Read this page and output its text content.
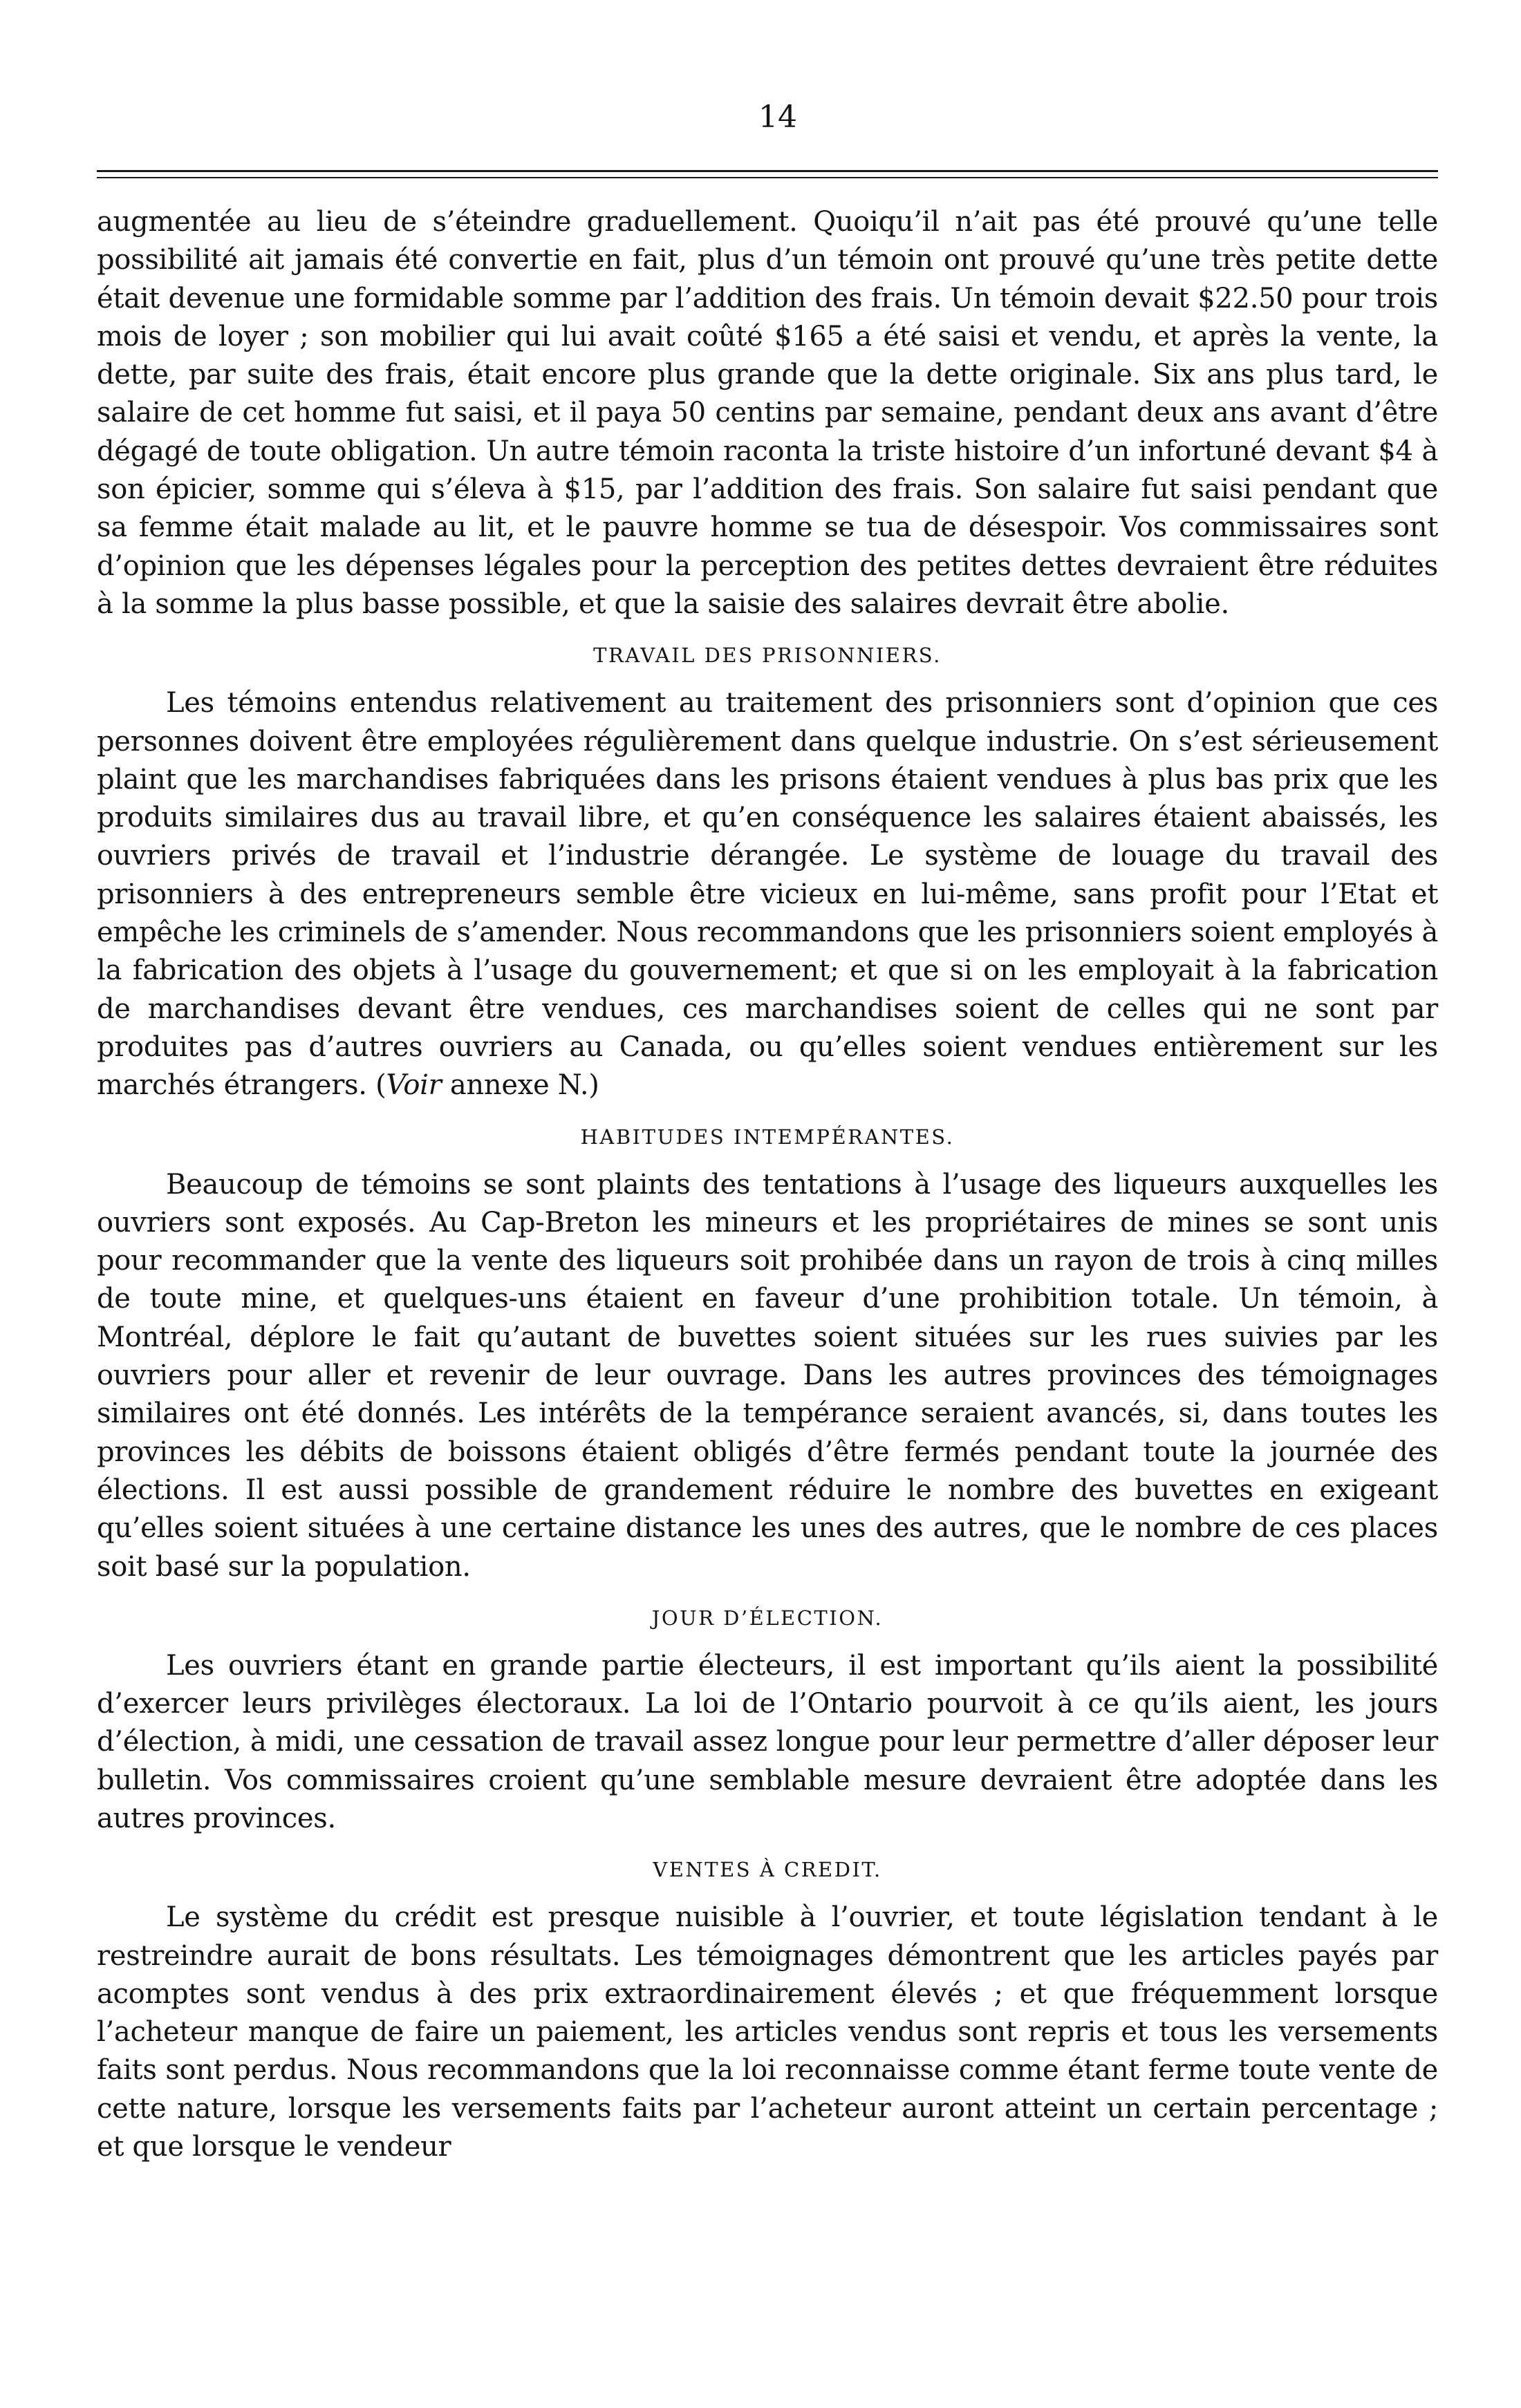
14

augmentée au lieu de s’éteindre graduellement. Quoiqu’il n’ait pas été prouvé qu’une telle possibilité ait jamais été convertie en fait, plus d’un témoin ont prouvé qu’une très petite dette était devenue une formidable somme par l’addition des frais. Un témoin devait $22.50 pour trois mois de loyer ; son mobilier qui lui avait coûté $165 a été saisi et vendu, et après la vente, la dette, par suite des frais, était encore plus grande que la dette originale. Six ans plus tard, le salaire de cet homme fut saisi, et il paya 50 centins par semaine, pendant deux ans avant d’être dégagé de toute obligation. Un autre témoin raconta la triste histoire d’un infortuné devant $4 à son épicier, somme qui s’éleva à $15, par l’addition des frais. Son salaire fut saisi pendant que sa femme était malade au lit, et le pauvre homme se tua de désespoir. Vos commissaires sont d’opinion que les dépenses légales pour la perception des petites dettes devraient être réduites à la somme la plus basse possible, et que la saisie des salaires devrait être abolie.

TRAVAIL DES PRISONNIERS.

Les témoins entendus relativement au traitement des prisonniers sont d’opinion que ces personnes doivent être employées régulièrement dans quelque industrie. On s’est sérieusement plaint que les marchandises fabriquées dans les prisons étaient vendues à plus bas prix que les produits similaires dus au travail libre, et qu’en conséquence les salaires étaient abaissés, les ouvriers privés de travail et l’industrie dérangée. Le système de louage du travail des prisonniers à des entrepreneurs semble être vicieux en lui-même, sans profit pour l’Etat et empêche les criminels de s’amender. Nous recommandons que les prisonniers soient employés à la fabrication des objets à l’usage du gouvernement; et que si on les employait à la fabrication de marchandises devant être vendues, ces marchandises soient de celles qui ne sont par produites pas d’autres ouvriers au Canada, ou qu’elles soient vendues entièrement sur les marchés étrangers. (Voir annexe N.)

HABITUDES INTEMPÉRANTES.

Beaucoup de témoins se sont plaints des tentations à l’usage des liqueurs auxquelles les ouvriers sont exposés. Au Cap-Breton les mineurs et les propriétaires de mines se sont unis pour recommander que la vente des liqueurs soit prohibée dans un rayon de trois à cinq milles de toute mine, et quelques-uns étaient en faveur d’une prohibition totale. Un témoin, à Montréal, déplore le fait qu’autant de buvettes soient situées sur les rues suivies par les ouvriers pour aller et revenir de leur ouvrage. Dans les autres provinces des témoignages similaires ont été donnés. Les intérêts de la tempérance seraient avancés, si, dans toutes les provinces les débits de boissons étaient obligés d’être fermés pendant toute la journée des élections. Il est aussi possible de grandement réduire le nombre des buvettes en exigeant qu’elles soient situées à une certaine distance les unes des autres, que le nombre de ces places soit basé sur la population.

JOUR D’ÉLECTION.

Les ouvriers étant en grande partie électeurs, il est important qu’ils aient la possibilité d’exercer leurs privilèges électoraux. La loi de l’Ontario pourvoit à ce qu’ils aient, les jours d’élection, à midi, une cessation de travail assez longue pour leur permettre d’aller déposer leur bulletin. Vos commissaires croient qu’une semblable mesure devraient être adoptée dans les autres provinces.

VENTES À CREDIT.

Le système du crédit est presque nuisible à l’ouvrier, et toute législation tendant à le restreindre aurait de bons résultats. Les témoignages démontrent que les articles payés par acomptes sont vendus à des prix extraordinairement élevés ; et que fréquemment lorsque l’acheteur manque de faire un paiement, les articles vendus sont repris et tous les versements faits sont perdus. Nous recommandons que la loi reconnaisse comme étant ferme toute vente de cette nature, lorsque les versements faits par l’acheteur auront atteint un certain percentage ; et que lorsque le vendeur
